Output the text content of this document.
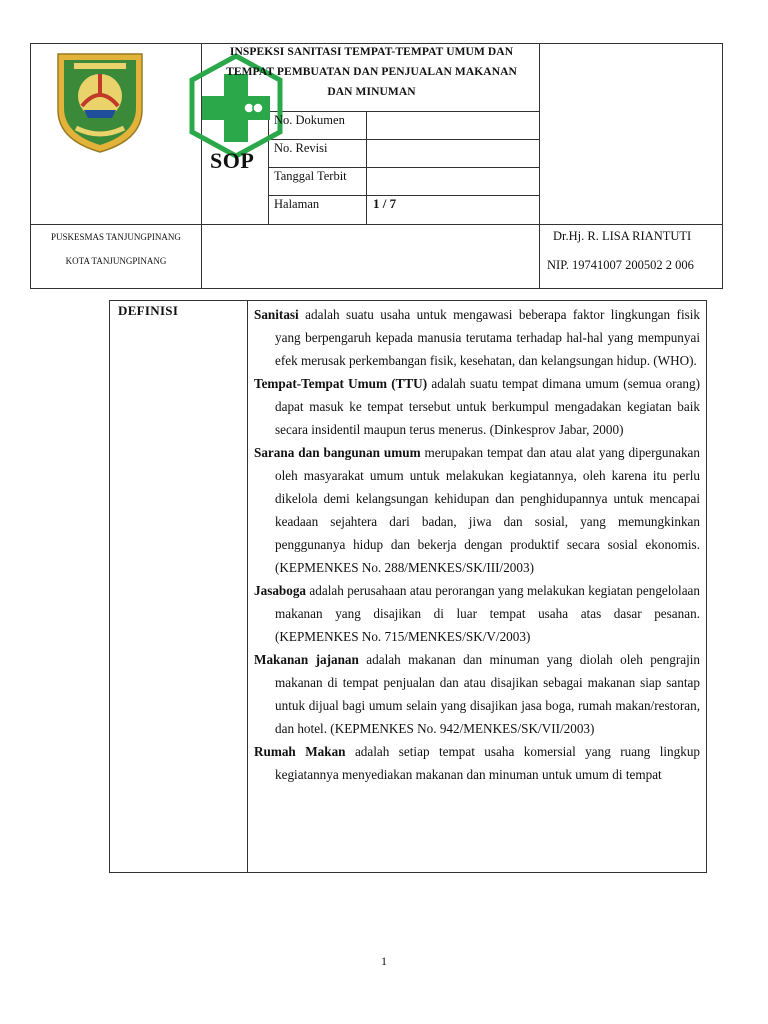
SOP
INSPEKSI SANITASI TEMPAT-TEMPAT UMUM DAN
TEMPAT PEMBUATAN DAN PENJUALAN MAKANAN
DAN MINUMAN
No. Dokumen
No. Revisi
Tanggal Terbit
Halaman	1 / 7
PUSKESMAS TANJUNGPINANG
KOTA TANJUNGPINANG
Dr.Hj. R. LISA RIANTUTI
NIP. 19741007 200502 2 006
DEFINISI	Sanitasi adalah suatu usaha untuk mengawasi beberapa faktor lingkungan fisik yang berpengaruh kepada manusia terutama terhadap hal-hal yang mempunyai efek merusak perkembangan fisik, kesehatan, dan kelangsungan hidup. (WHO).
Tempat-Tempat Umum (TTU) adalah suatu tempat dimana umum (semua orang) dapat masuk ke tempat tersebut untuk berkumpul mengadakan kegiatan baik secara insidentil maupun terus menerus. (Dinkesprov Jabar, 2000)
Sarana dan bangunan umum merupakan tempat dan atau alat yang dipergunakan oleh masyarakat umum untuk melakukan kegiatannya, oleh karena itu perlu dikelola demi kelangsungan kehidupan dan penghidupannya untuk mencapai keadaan sejahtera dari badan, jiwa dan sosial, yang memungkinkan penggunanya hidup dan bekerja dengan produktif secara sosial ekonomis. (KEPMENKES No. 288/MENKES/SK/III/2003)
Jasaboga adalah perusahaan atau perorangan yang melakukan kegiatan pengelolaan makanan yang disajikan di luar tempat usaha atas dasar pesanan. (KEPMENKES No. 715/MENKES/SK/V/2003)
Makanan jajanan adalah makanan dan minuman yang diolah oleh pengrajin makanan di tempat penjualan dan atau disajikan sebagai makanan siap santap untuk dijual bagi umum selain yang disajikan jasa boga, rumah makan/restoran, dan hotel. (KEPMENKES No. 942/MENKES/SK/VII/2003)
Rumah Makan adalah setiap tempat usaha komersial yang ruang lingkup kegiatannya menyediakan makanan dan minuman untuk umum di tempat
1
